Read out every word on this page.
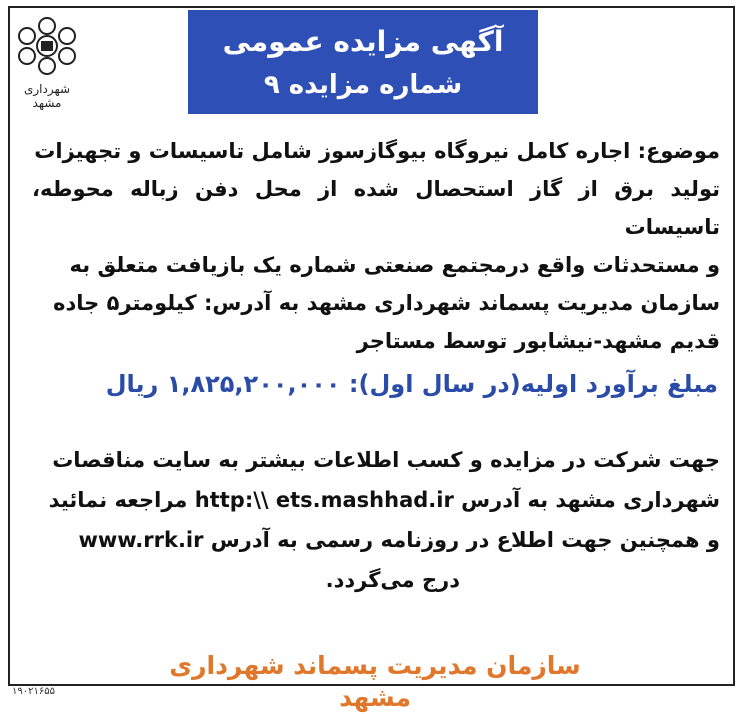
شهرداری مشهد
آگهی مزایده عمومی
شماره مزایده ۹
موضوع: اجاره کامل نیروگاه بیوگازسوز شامل تاسیسات و تجهیزات
تولید برق از گاز استحصال شده از محل دفن زباله محوطه، تاسیسات
و مستحدثات واقع درمجتمع صنعتی شماره یک بازیافت متعلق به
سازمان مدیریت پسماند شهرداری مشهد به آدرس: کیلومتر۵ جاده
قدیم مشهد-نیشابور توسط مستاجر
مبلغ برآورد اولیه(در سال اول): ۱,۸۲۵,۲۰۰,۰۰۰ ریال
جهت شرکت در مزایده و کسب اطلاعات بیشتر به سایت مناقصات
شهرداری مشهد به آدرس http:\\ ets.mashhad.ir مراجعه نمائید
و همچنین جهت اطلاع در روزنامه رسمی به آدرس www.rrk.ir
درج می‌گردد.
سازمان مدیریت پسماند شهرداری مشهد
۱۹۰۲۱۶۵۵
